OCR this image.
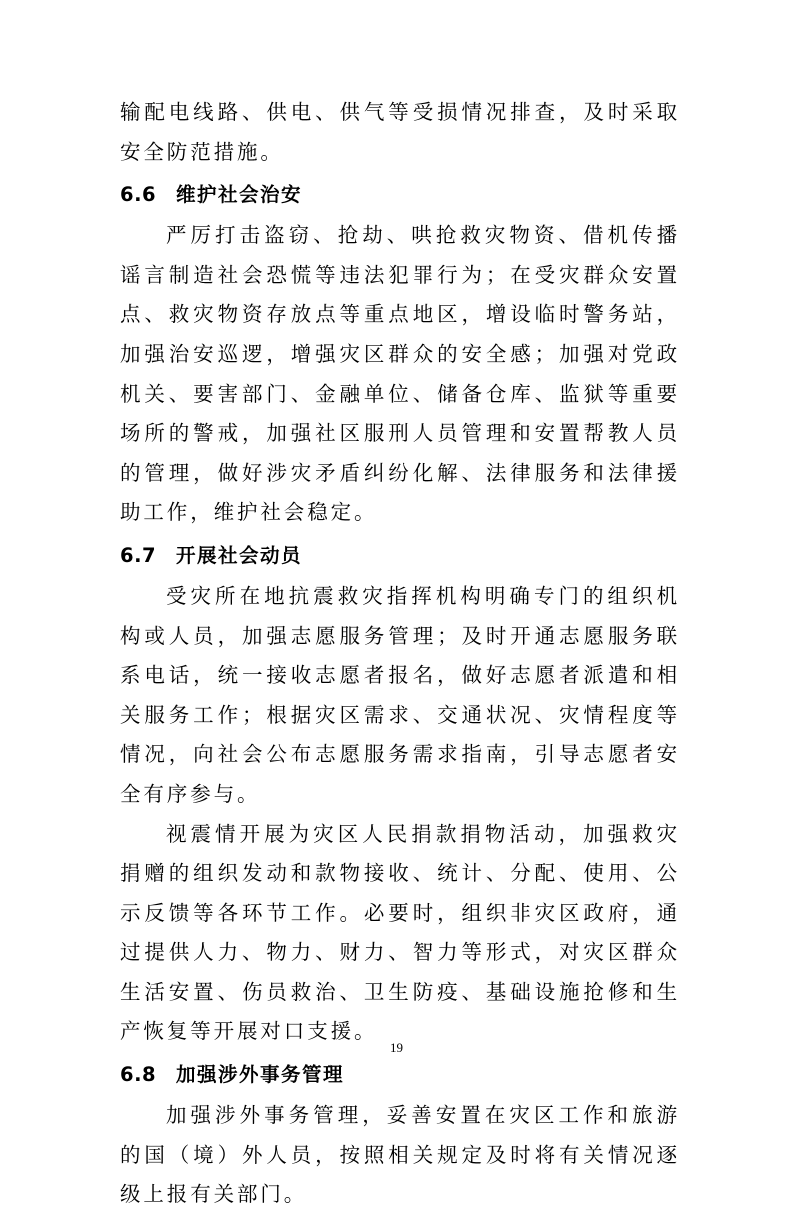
输配电线路、供电、供气等受损情况排查，及时采取安全防范措施。

6.6 维护社会治安

严厉打击盗窃、抢劫、哄抢救灾物资、借机传播谣言制造社会恐慌等违法犯罪行为；在受灾群众安置点、救灾物资存放点等重点地区，增设临时警务站，加强治安巡逻，增强灾区群众的安全感；加强对党政机关、要害部门、金融单位、储备仓库、监狱等重要场所的警戒，加强社区服刑人员管理和安置帮教人员的管理，做好涉灾矛盾纠纷化解、法律服务和法律援助工作，维护社会稳定。

6.7 开展社会动员

受灾所在地抗震救灾指挥机构明确专门的组织机构或人员，加强志愿服务管理；及时开通志愿服务联系电话，统一接收志愿者报名，做好志愿者派遣和相关服务工作；根据灾区需求、交通状况、灾情程度等情况，向社会公布志愿服务需求指南，引导志愿者安全有序参与。

视震情开展为灾区人民捐款捐物活动，加强救灾捐赠的组织发动和款物接收、统计、分配、使用、公示反馈等各环节工作。必要时，组织非灾区政府，通过提供人力、物力、财力、智力等形式，对灾区群众生活安置、伤员救治、卫生防疫、基础设施抢修和生产恢复等开展对口支援。

6.8 加强涉外事务管理

加强涉外事务管理，妥善安置在灾区工作和旅游的国（境）外人员，按照相关规定及时将有关情况逐级上报有关部门。

19
